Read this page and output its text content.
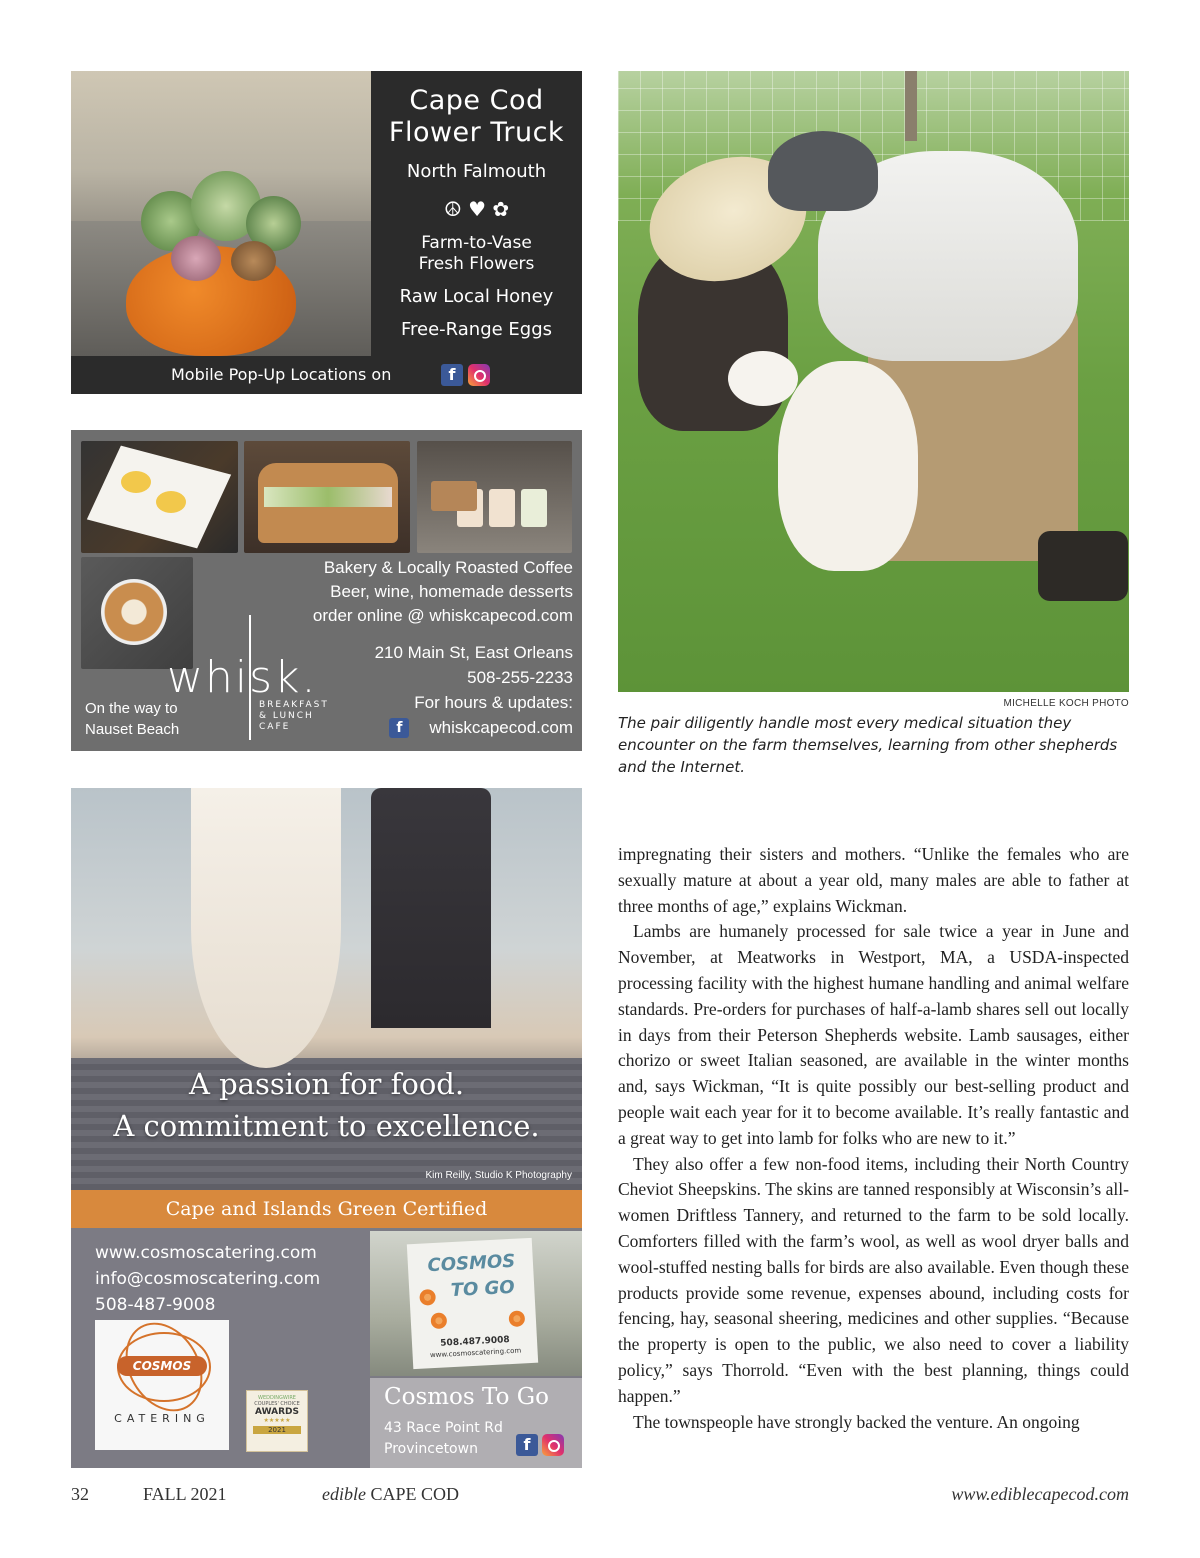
Cape Cod
Flower Truck
North Falmouth
☮ ♥ ✿
Farm-to-Vase
Fresh Flowers
Raw Local Honey
Free-Range Eggs
Mobile Pop-Up Locations on	f
Bakery & Locally Roasted Coffee
Beer, wine, homemade desserts
order online @ whiskcapecod.com
210 Main St, East Orleans
508-255-2233
For hours & updates:
f	whiskcapecod.com
whisk.
BREAKFAST
& LUNCH
CAFE
On the way to
Nauset Beach
MICHELLE KOCH PHOTO
The pair diligently handle most every medical situation they encounter on the farm themselves, learning from other shepherds and the Internet.
A passion for food.
A commitment to excellence.
Kim Reilly, Studio K Photography
Cape and Islands Green Certified
www.cosmoscatering.com
info@cosmoscatering.com
508-487-9008
COSMOS
CATERING
WEDDINGWIRE
COUPLES' CHOICE
AWARDS
★★★★★
2021
COSMOS
TO GO
508.487.9008
www.cosmoscatering.com
Cosmos To Go
43 Race Point Rd
Provincetown	f

impregnating their sisters and mothers. “Unlike the females who are sexually mature at about a year old, many males are able to father at three months of age,” explains Wickman.

Lambs are humanely processed for sale twice a year in June and November, at Meatworks in Westport, MA, a USDA-inspected processing facility with the highest humane handling and animal welfare standards. Pre-orders for purchases of half-a-lamb shares sell out locally in days from their Peterson Shepherds website. Lamb sausages, either chorizo or sweet Italian seasoned, are available in the winter months and, says Wickman, “It is quite possibly our best-selling product and people wait each year for it to become available. It’s really fantastic and a great way to get into lamb for folks who are new to it.”

They also offer a few non-food items, including their North Country Cheviot Sheepskins. The skins are tanned responsibly at Wisconsin’s all-women Driftless Tannery, and returned to the farm to be sold locally. Comforters filled with the farm’s wool, as well as wool dryer balls and wool-stuffed nesting balls for birds are also available. Even though these products provide some revenue, expenses abound, including costs for fencing, hay, seasonal sheering, medicines and other supplies. “Because the property is open to the public, we also need to cover a liability policy,” says Thorrold. “Even with the best planning, things could happen.”

The townspeople have strongly backed the venture. An ongoing

32	FALL 2021	edible CAPE COD	www.ediblecapecod.com
